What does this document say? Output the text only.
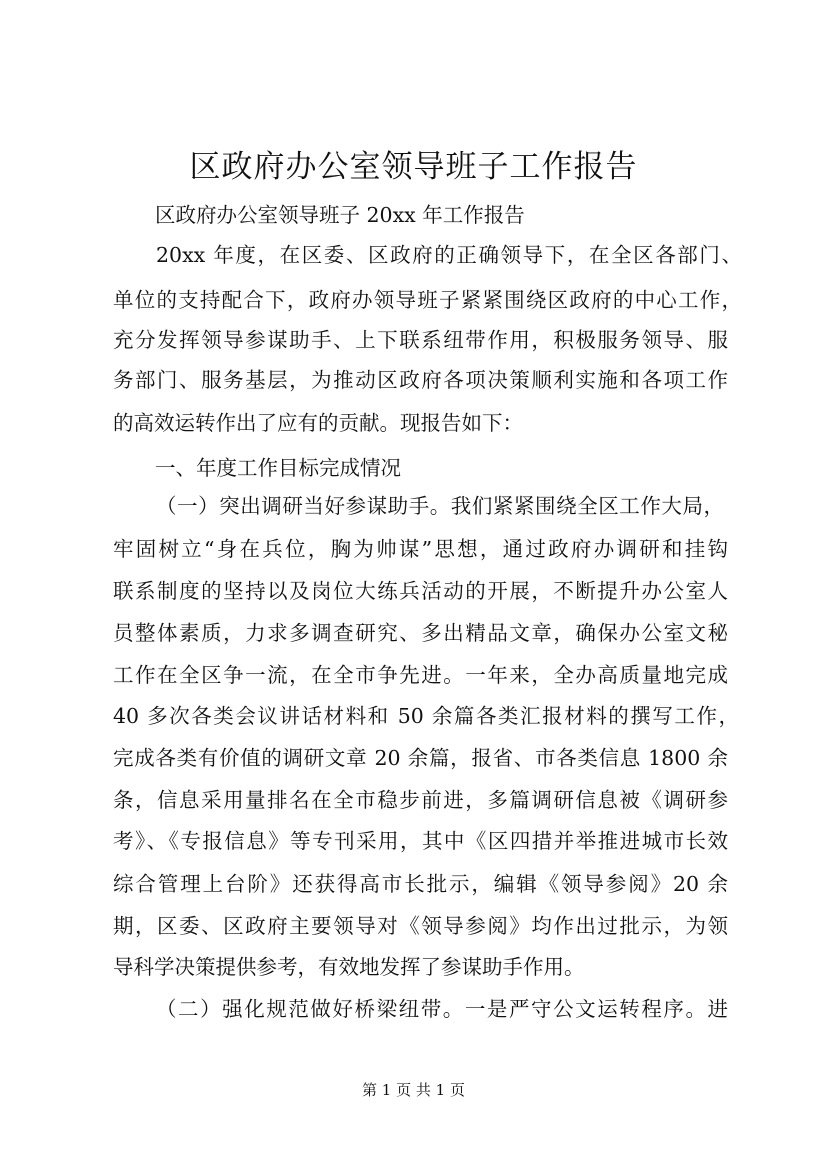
区政府办公室领导班子工作报告
区政府办公室领导班子 20xx 年工作报告
20xx 年度，在区委、区政府的正确领导下，在全区各部门、
单位的支持配合下，政府办领导班子紧紧围绕区政府的中心工作，
充分发挥领导参谋助手、上下联系纽带作用，积极服务领导、服
务部门、服务基层，为推动区政府各项决策顺利实施和各项工作
的高效运转作出了应有的贡献。现报告如下：
一、年度工作目标完成情况
（一）突出调研当好参谋助手。我们紧紧围绕全区工作大局，
牢固树立“身在兵位，胸为帅谋”思想，通过政府办调研和挂钩
联系制度的坚持以及岗位大练兵活动的开展，不断提升办公室人
员整体素质，力求多调查研究、多出精品文章，确保办公室文秘
工作在全区争一流，在全市争先进。一年来，全办高质量地完成
40 多次各类会议讲话材料和 50 余篇各类汇报材料的撰写工作，
完成各类有价值的调研文章 20 余篇，报省、市各类信息 1800 余
条，信息采用量排名在全市稳步前进，多篇调研信息被《调研参
考》、《专报信息》等专刊采用，其中《区四措并举推进城市长效
综合管理上台阶》还获得高市长批示，编辑《领导参阅》20 余
期，区委、区政府主要领导对《领导参阅》均作出过批示，为领
导科学决策提供参考，有效地发挥了参谋助手作用。
（二）强化规范做好桥梁纽带。一是严守公文运转程序。进
第 1 页 共 1 页
